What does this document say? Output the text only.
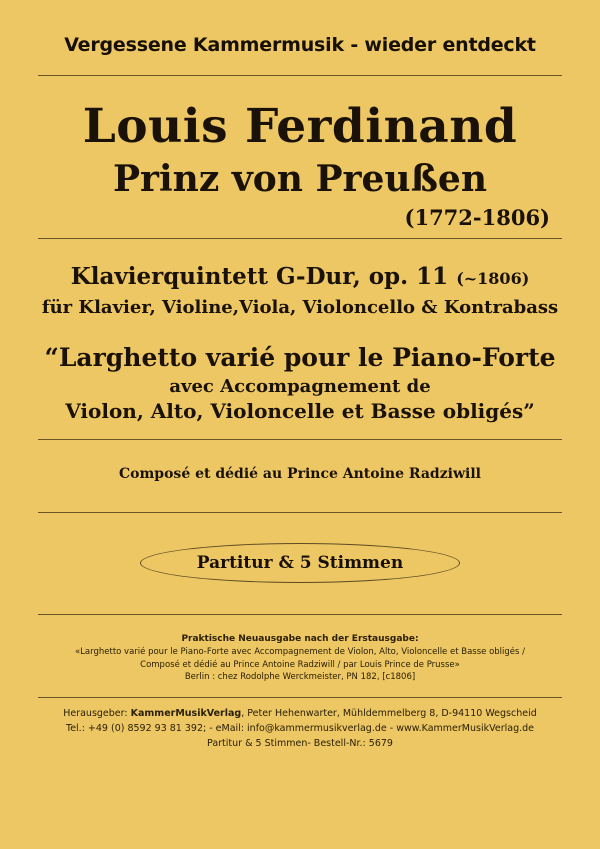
Vergessene Kammermusik - wieder entdeckt
Louis Ferdinand
Prinz von Preußen
(1772-1806)
Klavierquintett G-Dur, op. 11 (~1806)
für Klavier, Violine,Viola, Violoncello & Kontrabass
“Larghetto varié pour le Piano-Forte
avec Accompagnement de
Violon, Alto, Violoncelle et Basse obligés”
Composé et dédié au Prince Antoine Radziwill
Partitur & 5 Stimmen
Praktische Neuausgabe nach der Erstausgabe:
«Larghetto varié pour le Piano-Forte avec Accompagnement de Violon, Alto, Violoncelle et Basse obligés /
Composé et dédié au Prince Antoine Radziwill / par Louis Prince de Prusse»
Berlin : chez Rodolphe Werckmeister, PN 182, [c1806]
Herausgeber: KammerMusikVerlag, Peter Hehenwarter, Mühldemmelberg 8, D-94110 Wegscheid
Tel.: +49 (0) 8592 93 81 392; - eMail: info@kammermusikverlag.de - www.KammerMusikVerlag.de
Partitur & 5 Stimmen- Bestell-Nr.: 5679
